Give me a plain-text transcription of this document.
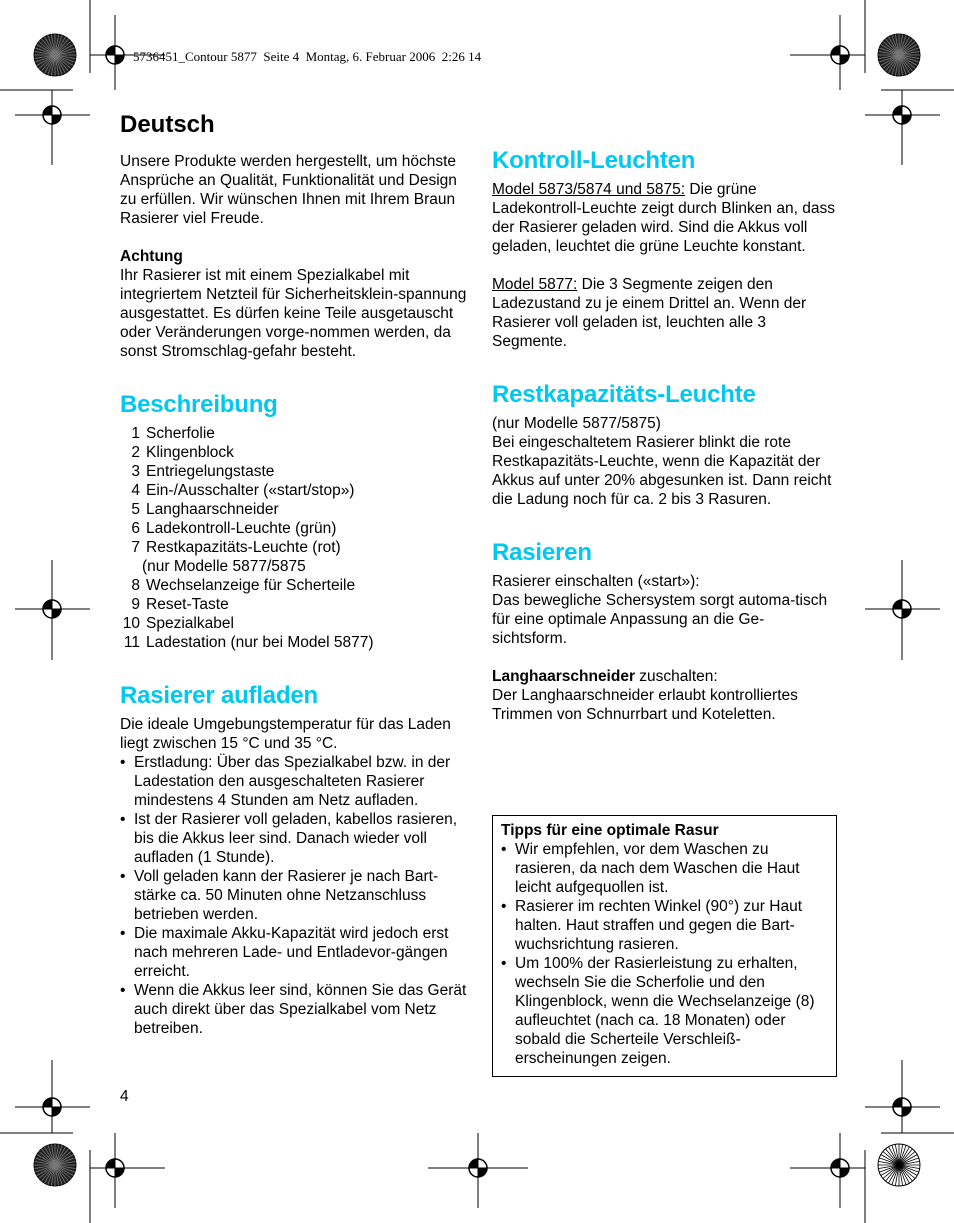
5736451_Contour 5877  Seite 4  Montag, 6. Februar 2006  2:26 14
Deutsch

Unsere Produkte werden hergestellt, um höchste Ansprüche an Qualität, Funktionalität und Design zu erfüllen. Wir wünschen Ihnen mit Ihrem Braun Rasierer viel Freude.

Achtung

Ihr Rasierer ist mit einem Spezialkabel mit integriertem Netzteil für Sicherheitsklein-spannung ausgestattet. Es dürfen keine Teile ausgetauscht oder Veränderungen vorge-nommen werden, da sonst Stromschlag-gefahr besteht.

Beschreibung
1 Scherfolie
2 Klingenblock
3 Entriegelungstaste
4 Ein-/Ausschalter («start/stop»)
5 Langhaarschneider
6 Ladekontroll-Leuchte (grün)
7 Restkapazitäts-Leuchte (rot)
(nur Modelle 5877/5875
8 Wechselanzeige für Scherteile
9 Reset-Taste
10 Spezialkabel
11 Ladestation (nur bei Model 5877)
Rasierer aufladen

Die ideale Umgebungstemperatur für das Laden liegt zwischen 15 °C und 35 °C.

• Erstladung: Über das Spezialkabel bzw. in der Ladestation den ausgeschalteten Rasierer mindestens 4 Stunden am Netz aufladen.
• Ist der Rasierer voll geladen, kabellos rasieren, bis die Akkus leer sind. Danach wieder voll aufladen (1 Stunde).
• Voll geladen kann der Rasierer je nach Bart-stärke ca. 50 Minuten ohne Netzanschluss betrieben werden.
• Die maximale Akku-Kapazität wird jedoch erst nach mehreren Lade- und Entladevor-gängen erreicht.
• Wenn die Akkus leer sind, können Sie das Gerät auch direkt über das Spezialkabel vom Netz betreiben.
4
Kontroll-Leuchten

Model 5873/5874 und 5875: Die grüne Ladekontroll-Leuchte zeigt durch Blinken an, dass der Rasierer geladen wird. Sind die Akkus voll geladen, leuchtet die grüne Leuchte konstant.

Model 5877: Die 3 Segmente zeigen den Ladezustand zu je einem Drittel an. Wenn der Rasierer voll geladen ist, leuchten alle 3 Segmente.

Restkapazitäts-Leuchte

(nur Modelle 5877/5875)

Bei eingeschaltetem Rasierer blinkt die rote Restkapazitäts-Leuchte, wenn die Kapazität der Akkus auf unter 20% abgesunken ist. Dann reicht die Ladung noch für ca. 2 bis 3 Rasuren.

Rasieren

Rasierer einschalten («start»):

Das bewegliche Schersystem sorgt automa-tisch für eine optimale Anpassung an die Ge-sichtsform.

Langhaarschneider zuschalten:

Der Langhaarschneider erlaubt kontrolliertes Trimmen von Schnurrbart und Koteletten.

Tipps für eine optimale Rasur

• Wir empfehlen, vor dem Waschen zu rasieren, da nach dem Waschen die Haut leicht aufgequollen ist.
• Rasierer im rechten Winkel (90°) zur Haut halten. Haut straffen und gegen die Bart-wuchsrichtung rasieren.
• Um 100% der Rasierleistung zu erhalten, wechseln Sie die Scherfolie und den Klingenblock, wenn die Wechselanzeige (8) aufleuchtet (nach ca. 18 Monaten) oder sobald die Scherteile Verschleiß-erscheinungen zeigen.
